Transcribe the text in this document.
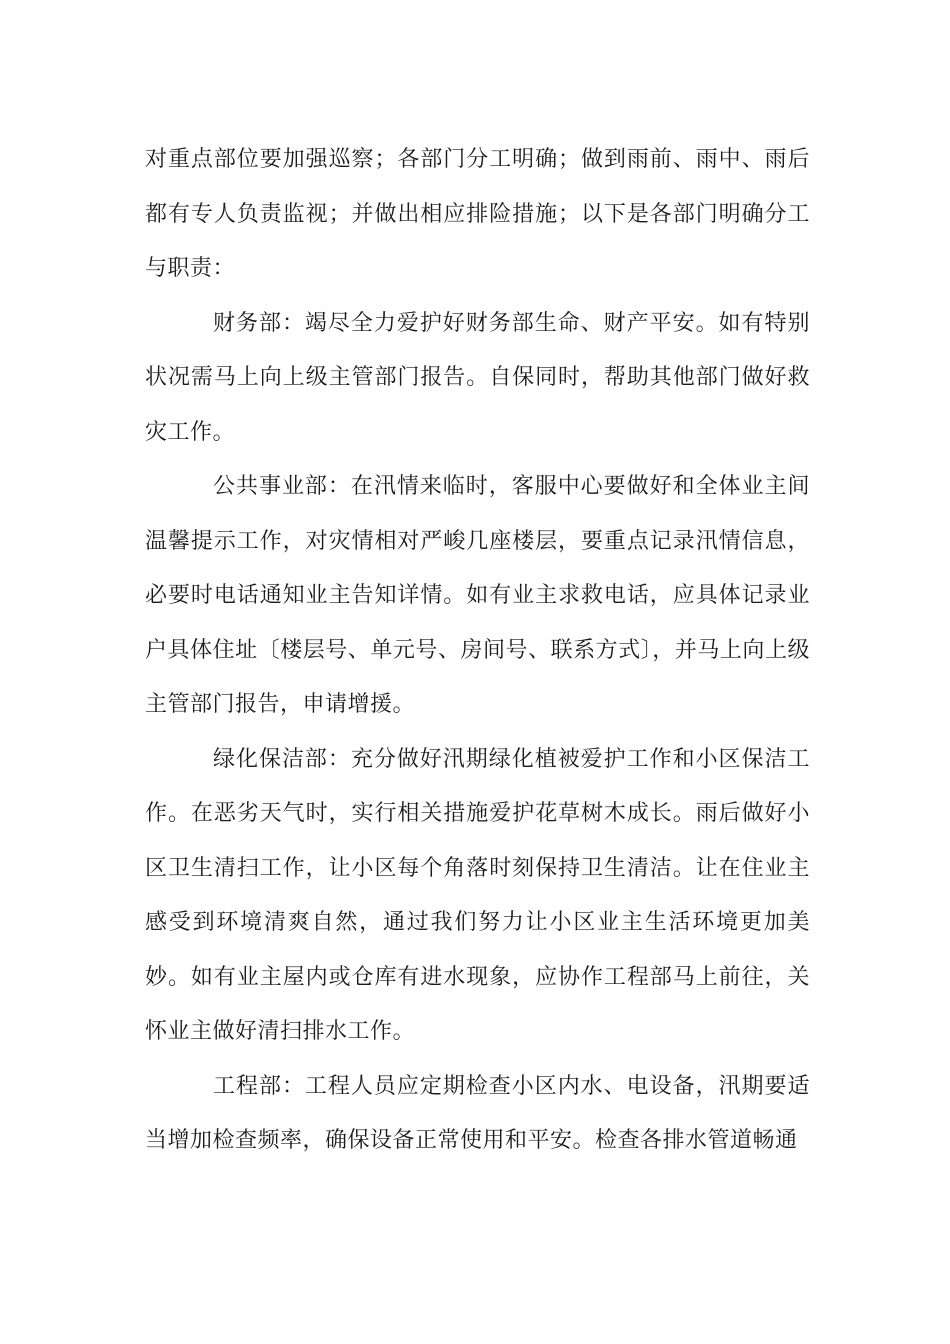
对重点部位要加强巡察；各部门分工明确；做到雨前、雨中、雨后都有专人负责监视；并做出相应排险措施；以下是各部门明确分工与职责：

财务部：竭尽全力爱护好财务部生命、财产平安。如有特别状况需马上向上级主管部门报告。自保同时，帮助其他部门做好救灾工作。

公共事业部：在汛情来临时，客服中心要做好和全体业主间温馨提示工作，对灾情相对严峻几座楼层，要重点记录汛情信息，必要时电话通知业主告知详情。如有业主求救电话，应具体记录业户具体住址〔楼层号、单元号、房间号、联系方式〕，并马上向上级主管部门报告，申请增援。

绿化保洁部：充分做好汛期绿化植被爱护工作和小区保洁工作。在恶劣天气时，实行相关措施爱护花草树木成长。雨后做好小区卫生清扫工作，让小区每个角落时刻保持卫生清洁。让在住业主感受到环境清爽自然，通过我们努力让小区业主生活环境更加美妙。如有业主屋内或仓库有进水现象，应协作工程部马上前往，关怀业主做好清扫排水工作。

工程部：工程人员应定期检查小区内水、电设备，汛期要适当增加检查频率，确保设备正常使用和平安。检查各排水管道畅通
